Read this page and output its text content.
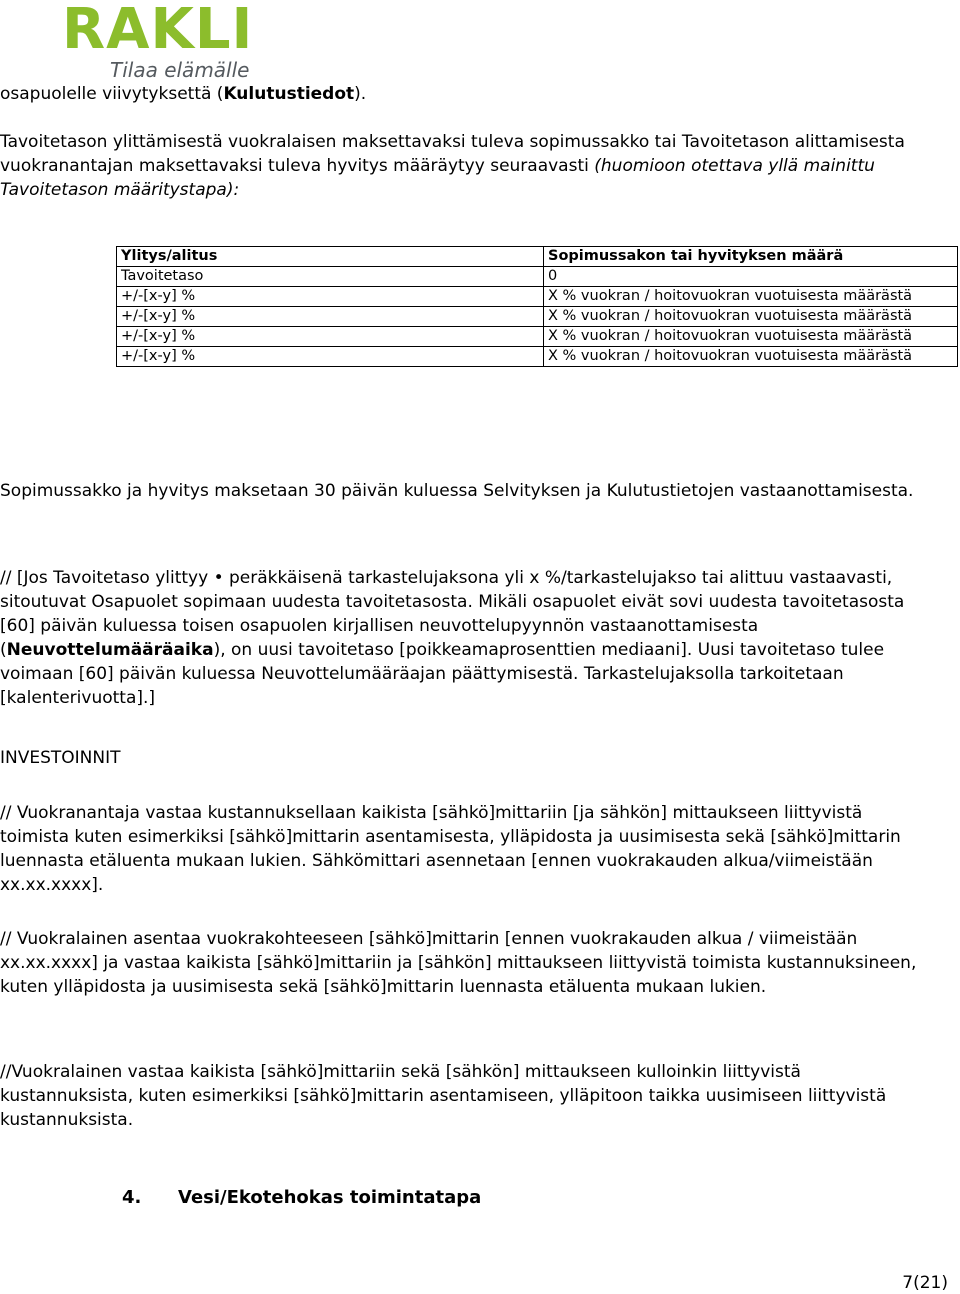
RAKLI
Tilaa elämälle
osapuolelle viivytyksettä (Kulutustiedot).
Tavoitetason ylittämisestä vuokralaisen maksettavaksi tuleva sopimussakko tai Tavoitetason alittamisesta vuokranantajan maksettavaksi tuleva hyvitys määräytyy seuraavasti (huomioon otettava yllä mainittu Tavoitetason määritystapa):
Ylitys/alitus	Sopimussakon tai hyvityksen määrä
Tavoitetaso	0
+/-[x-y] %	X % vuokran / hoitovuokran vuotuisesta määrästä
+/-[x-y] %	X % vuokran / hoitovuokran vuotuisesta määrästä
+/-[x-y] %	X % vuokran / hoitovuokran vuotuisesta määrästä
+/-[x-y] %	X % vuokran / hoitovuokran vuotuisesta määrästä
Sopimussakko ja hyvitys maksetaan 30 päivän kuluessa Selvityksen ja Kulutustietojen vastaanottamisesta.
// [Jos Tavoitetaso ylittyy • peräkkäisenä tarkastelujaksona yli x %/tarkastelujakso tai alittuu vastaavasti, sitoutuvat Osapuolet sopimaan uudesta tavoitetasosta. Mikäli osapuolet eivät sovi uudesta tavoitetasosta [60] päivän kuluessa toisen osapuolen kirjallisen neuvottelupyynnön vastaanottamisesta (Neuvottelumääräaika), on uusi tavoitetaso [poikkeamaprosenttien mediaani]. Uusi tavoitetaso tulee voimaan [60] päivän kuluessa Neuvottelumääräajan päättymisestä. Tarkastelujaksolla tarkoitetaan [kalenterivuotta].]
INVESTOINNIT
// Vuokranantaja vastaa kustannuksellaan kaikista [sähkö]mittariin [ja sähkön] mittaukseen liittyvistä toimista kuten esimerkiksi [sähkö]mittarin asentamisesta, ylläpidosta ja uusimisesta sekä [sähkö]mittarin luennasta etäluenta mukaan lukien. Sähkömittari asennetaan [ennen vuokrakauden alkua/viimeistään xx.xx.xxxx].
// Vuokralainen asentaa vuokrakohteeseen [sähkö]mittarin [ennen vuokrakauden alkua / viimeistään xx.xx.xxxx] ja vastaa kaikista [sähkö]mittariin ja [sähkön] mittaukseen liittyvistä toimista kustannuksineen, kuten ylläpidosta ja uusimisesta sekä [sähkö]mittarin luennasta etäluenta mukaan lukien.
//Vuokralainen vastaa kaikista [sähkö]mittariin sekä [sähkön] mittaukseen kulloinkin liittyvistä kustannuksista, kuten esimerkiksi [sähkö]mittarin asentamiseen, ylläpitoon taikka uusimiseen liittyvistä kustannuksista.
4. Vesi/Ekotehokas toimintatapa
7(21)
